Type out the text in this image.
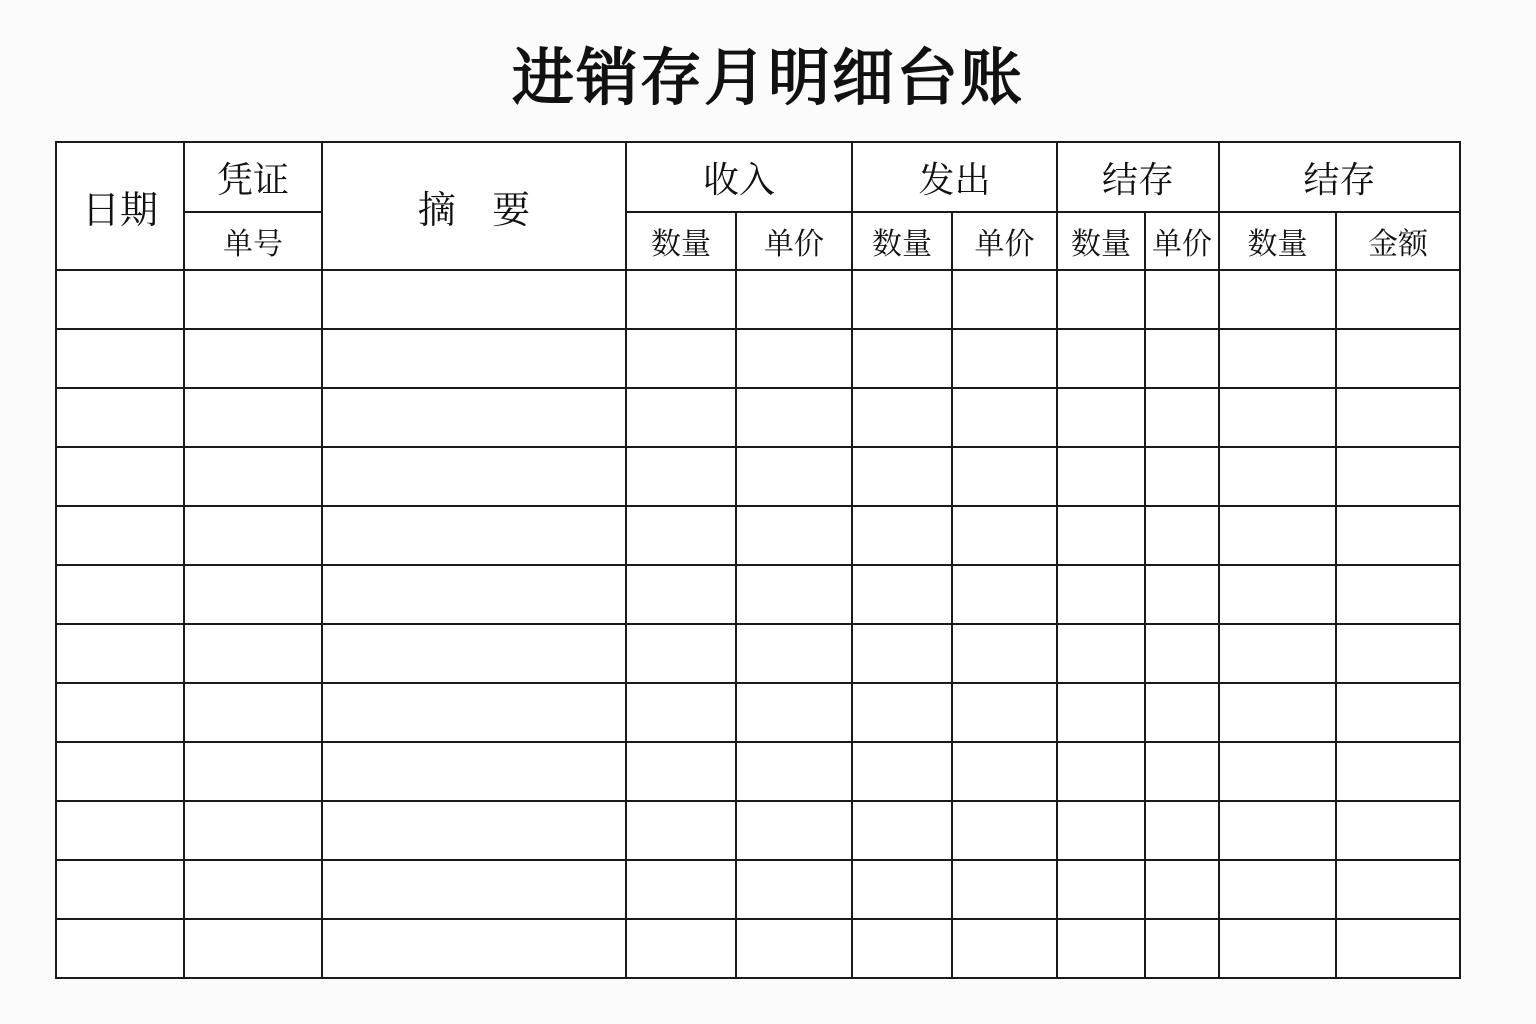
进销存月明细台账
日期	凭证	摘   要	收入		发出		结存		结存	
	单号		数量	单价	数量	单价	数量	单价	数量	金额
